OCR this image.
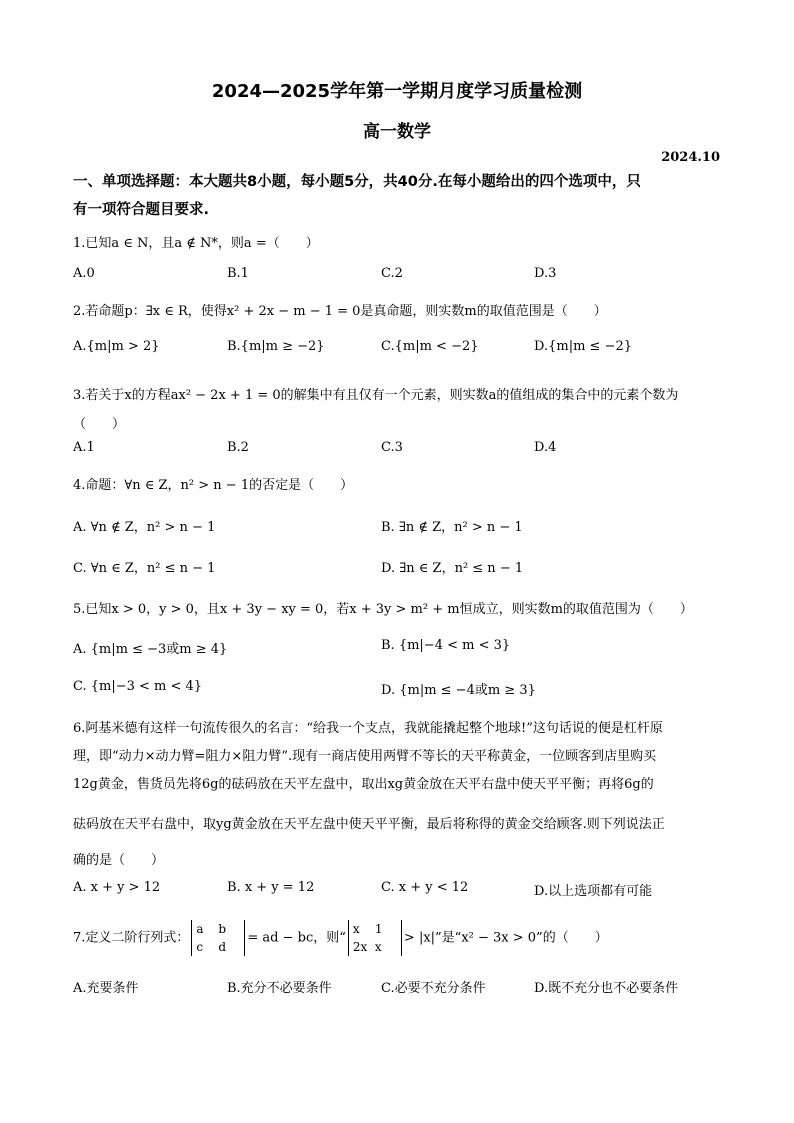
2024—2025学年第一学期月度学习质量检测
高一数学
2024.10
一、单项选择题：本大题共8小题，每小题5分，共40分.在每小题给出的四个选项中，只
有一项符合题目要求.
1.已知a ∈ N，且a ∉ N*，则a =（　　）
A.0	B.1	C.2	D.3
2.若命题p：∃x ∈ R，使得x² + 2x − m − 1 = 0是真命题，则实数m的取值范围是（　　）
A.{m|m > 2}	B.{m|m ≥ −2}	C.{m|m < −2}	D.{m|m ≤ −2}
3.若关于x的方程ax² − 2x + 1 = 0的解集中有且仅有一个元素，则实数a的值组成的集合中的元素个数为
（　　）
A.1	B.2	C.3	D.4
4.命题：∀n ∈ Z，n² > n − 1的否定是（　　）
A. ∀n ∉ Z，n² > n − 1	B. ∃n ∉ Z，n² > n − 1
C. ∀n ∈ Z，n² ≤ n − 1	D. ∃n ∈ Z，n² ≤ n − 1
5.已知x > 0，y > 0，且x + 3y − xy = 0，若x + 3y > m² + m恒成立，则实数m的取值范围为（　　）
A. {m|m ≤ −3或m ≥ 4}	B. {m|−4 < m < 3}
C. {m|−3 < m < 4}	D. {m|m ≤ −4或m ≥ 3}
6.阿基米德有这样一句流传很久的名言：“给我一个支点，我就能撬起整个地球!”这句话说的便是杠杆原
理，即“动力×动力臂=阻力×阻力臂”.现有一商店使用两臂不等长的天平称黄金，一位顾客到店里购买
12g黄金，售货员先将6g的砝码放在天平左盘中，取出xg黄金放在天平右盘中使天平平衡；再将6g的
砝码放在天平右盘中，取yg黄金放在天平左盘中使天平平衡，最后将称得的黄金交给顾客.则下列说法正
确的是（　　）
A. x + y > 12	B. x + y = 12	C. x + y < 12	D.以上选项都有可能
7.定义二阶行列式：a b
c d= ad − bc，则“x 1
2x x> |x|”是“x² − 3x > 0”的（　　）
A.充要条件	B.充分不必要条件	C.必要不充分条件	D.既不充分也不必要条件
